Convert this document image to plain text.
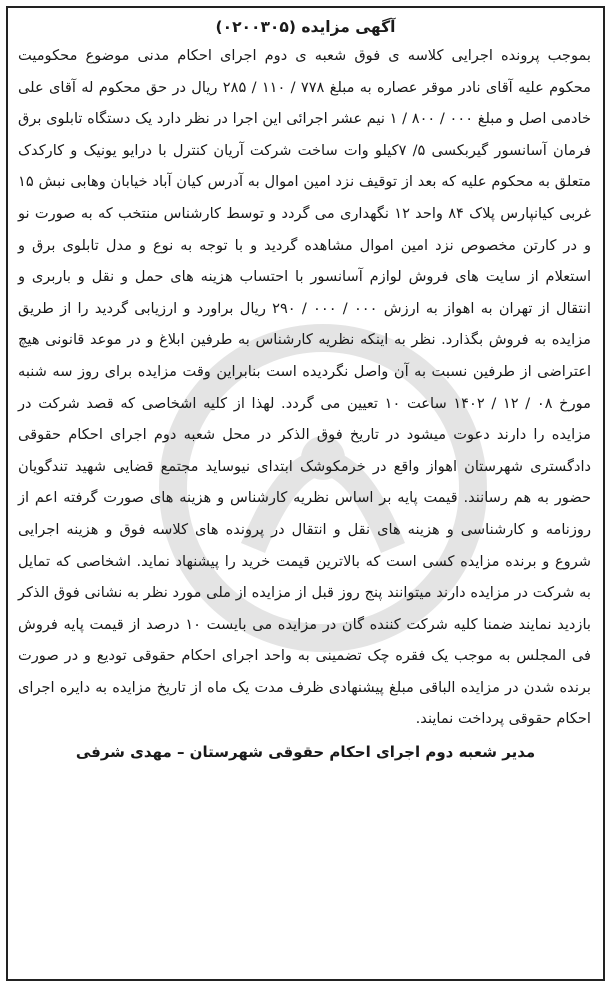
آگهی مزایده (۰۲۰۰۳۰۵)

بموجب پرونده اجرایی کلاسه ی فوق شعبه ی دوم اجرای احکام مدنی موضوع محکومیت محکوم علیه آقای نادر موقر عصاره به مبلغ ۷۷۸ / ۱۱۰ / ۲۸۵ ریال در حق محکوم له آقای علی خادمی اصل و مبلغ ۰۰۰ / ۸۰۰ / ۱ نیم عشر اجرائی این اجرا در نظر دارد یک دستگاه تابلوی برق فرمان آسانسور گیربکسی ۵/ ۷کیلو وات ساخت شرکت آریان کنترل با درایو یونیک و کارکدک متعلق به محکوم علیه که بعد از توقیف نزد امین اموال به آدرس کیان آباد خیابان وهابی نبش ۱۵ غربی کیانپارس پلاک ۸۴ واحد ۱۲ نگهداری می گردد و توسط کارشناس منتخب که به صورت نو و در کارتن مخصوص نزد امین اموال مشاهده گردید و با توجه به نوع و مدل تابلوی برق و استعلام از سایت های فروش لوازم آسانسور با احتساب هزینه های حمل و نقل و باربری و انتقال از تهران به اهواز به ارزش ۰۰۰ / ۰۰۰ / ۲۹۰ ریال براورد و ارزیابی گردید را از طریق مزایده به فروش بگذارد. نظر به اینکه نظریه کارشناس به طرفین ابلاغ و در موعد قانونی هیچ اعتراضی از طرفین نسبت به آن واصل نگردیده است بنابراین وقت مزایده برای روز سه شنبه مورخ ۰۸ / ۱۲ / ۱۴۰۲ ساعت ۱۰ تعیین می گردد. لهذا از کلیه اشخاصی که قصد شرکت در مزایده را دارند دعوت میشود در تاریخ فوق الذکر در محل شعبه دوم اجرای احکام حقوقی دادگستری شهرستان اهواز واقع در خرمکوشک ابتدای نیوساید مجتمع قضایی شهید تندگویان حضور به هم رسانند. قیمت پایه بر اساس نظریه کارشناس و هزینه های صورت گرفته اعم از روزنامه و کارشناسی و هزینه های نقل و انتقال در پرونده های کلاسه فوق و هزینه اجرایی شروع و برنده مزایده کسی است که بالاترین قیمت خرید را پیشنهاد نماید. اشخاصی که تمایل به شرکت در مزایده دارند میتوانند پنج روز قبل از مزایده از ملی مورد نظر به نشانی فوق الذکر بازدید نمایند ضمنا کلیه شرکت کننده گان در مزایده می بایست ۱۰ درصد از قیمت پایه فروش فی المجلس به موجب یک فقره چک تضمینی به واحد اجرای احکام حقوقی تودیع و در صورت برنده شدن در مزایده الباقی مبلغ پیشنهادی ظرف مدت یک ماه از تاریخ مزایده به دایره اجرای احکام حقوقی پرداخت نمایند.

مدیر شعبه دوم اجرای احکام حقوقی شهرستان – مهدی شرفی
